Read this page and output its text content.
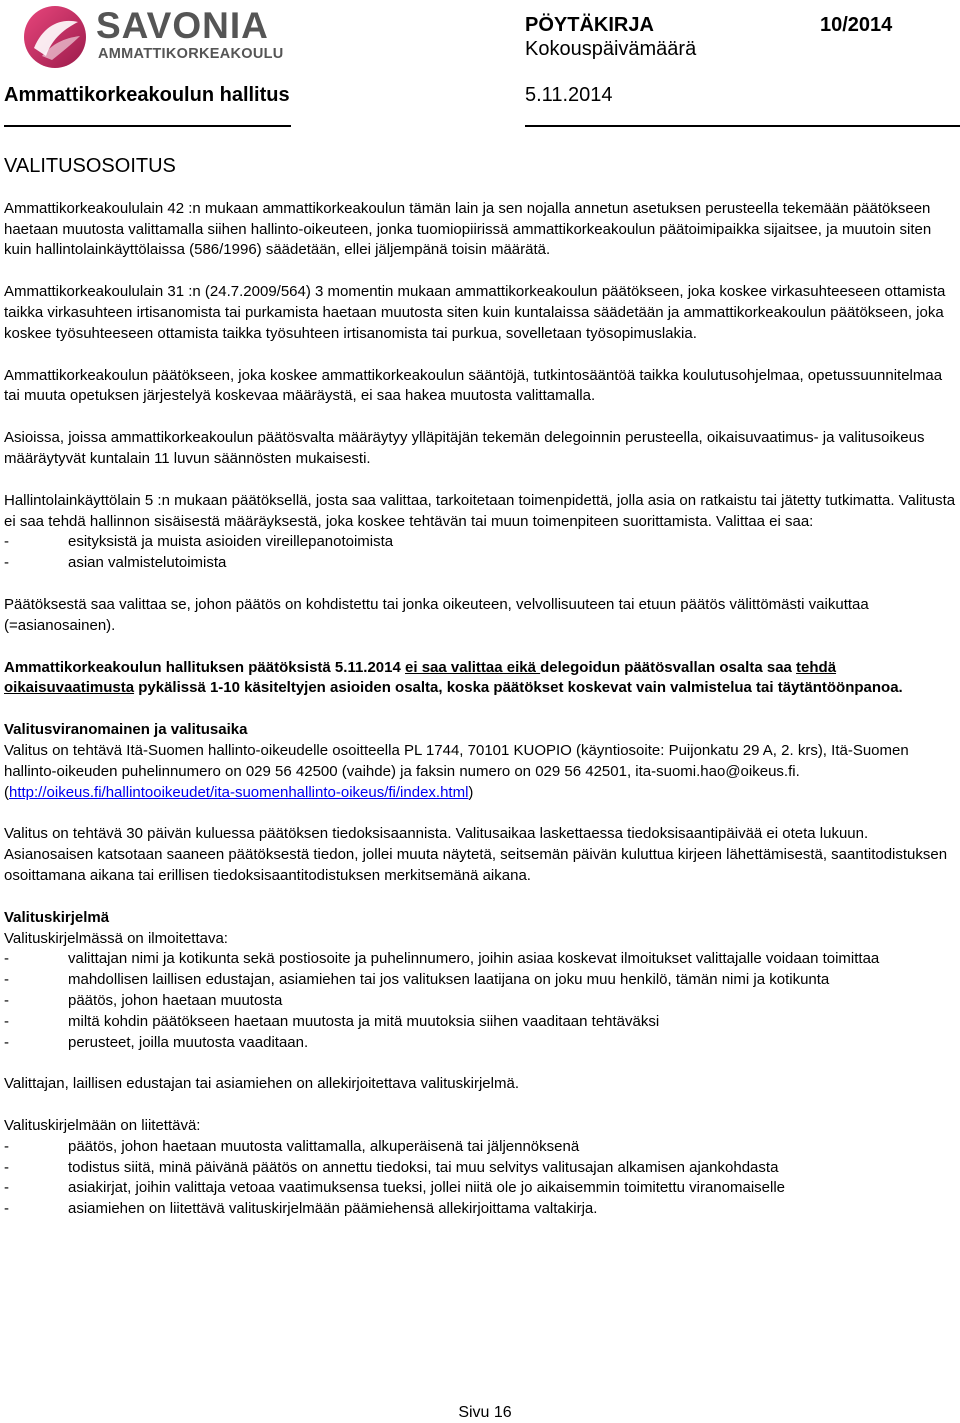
SAVONIA
AMMATTIKORKEAKOULU
PÖYTÄKIRJA	10/2014
Kokouspäivämäärä
Ammattikorkeakoulun hallitus	5.11.2014

VALITUSOSOITUS

Ammattikorkeakoululain 42 :n mukaan ammattikorkeakoulun tämän lain ja sen nojalla annetun asetuksen perusteella tekemään päätökseen haetaan muutosta valittamalla siihen hallinto-oikeuteen, jonka tuomiopiirissä ammattikorkeakoulun päätoimipaikka sijaitsee, ja muutoin siten kuin hallintolainkäyttölaissa (586/1996) säädetään, ellei jäljempänä toisin määrätä.

Ammattikorkeakoululain 31 :n (24.7.2009/564) 3 momentin mukaan ammattikorkeakoulun päätökseen, joka koskee virkasuhteeseen ottamista taikka virkasuhteen irtisanomista tai purkamista haetaan muutosta siten kuin kuntalaissa säädetään ja ammattikorkeakoulun päätökseen, joka koskee työsuhteeseen ottamista taikka työsuhteen irtisanomista tai purkua, sovelletaan työsopimuslakia.

Ammattikorkeakoulun päätökseen, joka koskee ammattikorkeakoulun sääntöjä, tutkintosääntöä taikka koulutusohjelmaa, opetussuunnitelmaa tai muuta opetuksen järjestelyä koskevaa määräystä, ei saa hakea muutosta valittamalla.

Asioissa, joissa ammattikorkeakoulun päätösvalta määräytyy ylläpitäjän tekemän delegoinnin perusteella, oikaisuvaatimus- ja valitusoikeus määräytyvät kuntalain 11 luvun säännösten mukaisesti.

Hallintolainkäyttölain 5 :n mukaan päätöksellä, josta saa valittaa, tarkoitetaan toimenpidettä, jolla asia on ratkaistu tai jätetty tutkimatta. Valitusta ei saa tehdä hallinnon sisäisestä määräyksestä, joka koskee tehtävän tai muun toimenpiteen suorittamista. Valittaa ei saa:

-	esityksistä ja muista asioiden vireillepanotoimista
-	asian valmistelutoimista

Päätöksestä saa valittaa se, johon päätös on kohdistettu tai jonka oikeuteen, velvollisuuteen tai etuun päätös välittömästi vaikuttaa (=asianosainen).

Ammattikorkeakoulun hallituksen päätöksistä 5.11.2014 ei saa valittaa eikä delegoidun päätösvallan osalta saa tehdä oikaisuvaatimusta pykälissä 1-10 käsiteltyjen asioiden osalta, koska päätökset koskevat vain valmistelua tai täytäntöönpanoa.

Valitusviranomainen ja valitusaika

Valitus on tehtävä Itä-Suomen hallinto-oikeudelle osoitteella PL 1744, 70101 KUOPIO (käyntiosoite: Puijonkatu 29 A, 2. krs), Itä-Suomen hallinto-oikeuden puhelinnumero on 029 56 42500 (vaihde) ja faksin numero on 029 56 42501, ita-suomi.hao@oikeus.fi. (http://oikeus.fi/hallintooikeudet/ita-suomenhallinto-oikeus/fi/index.html)

Valitus on tehtävä 30 päivän kuluessa päätöksen tiedoksisaannista. Valitusaikaa laskettaessa tiedoksisaantipäivää ei oteta lukuun. Asianosaisen katsotaan saaneen päätöksestä tiedon, jollei muuta näytetä, seitsemän päivän kuluttua kirjeen lähettämisestä, saantitodistuksen osoittamana aikana tai erillisen tiedoksisaantitodistuksen merkitsemänä aikana.

Valituskirjelmä

Valituskirjelmässä on ilmoitettava:

-	valittajan nimi ja kotikunta sekä postiosoite ja puhelinnumero, joihin asiaa koskevat ilmoitukset valittajalle voidaan toimittaa
-	mahdollisen laillisen edustajan, asiamiehen tai jos valituksen laatijana on joku muu henkilö, tämän nimi ja kotikunta
-	päätös, johon haetaan muutosta
-	miltä kohdin päätökseen haetaan muutosta ja mitä muutoksia siihen vaaditaan tehtäväksi
-	perusteet, joilla muutosta vaaditaan.

Valittajan, laillisen edustajan tai asiamiehen on allekirjoitettava valituskirjelmä.

Valituskirjelmään on liitettävä:

-	päätös, johon haetaan muutosta valittamalla, alkuperäisenä tai jäljennöksenä
-	todistus siitä, minä päivänä päätös on annettu tiedoksi, tai muu selvitys valitusajan alkamisen ajankohdasta
-	asiakirjat, joihin valittaja vetoaa vaatimuksensa tueksi, jollei niitä ole jo aikaisemmin toimitettu viranomaiselle
-	asiamiehen on liitettävä valituskirjelmään päämiehensä allekirjoittama valtakirja.
Sivu 16
